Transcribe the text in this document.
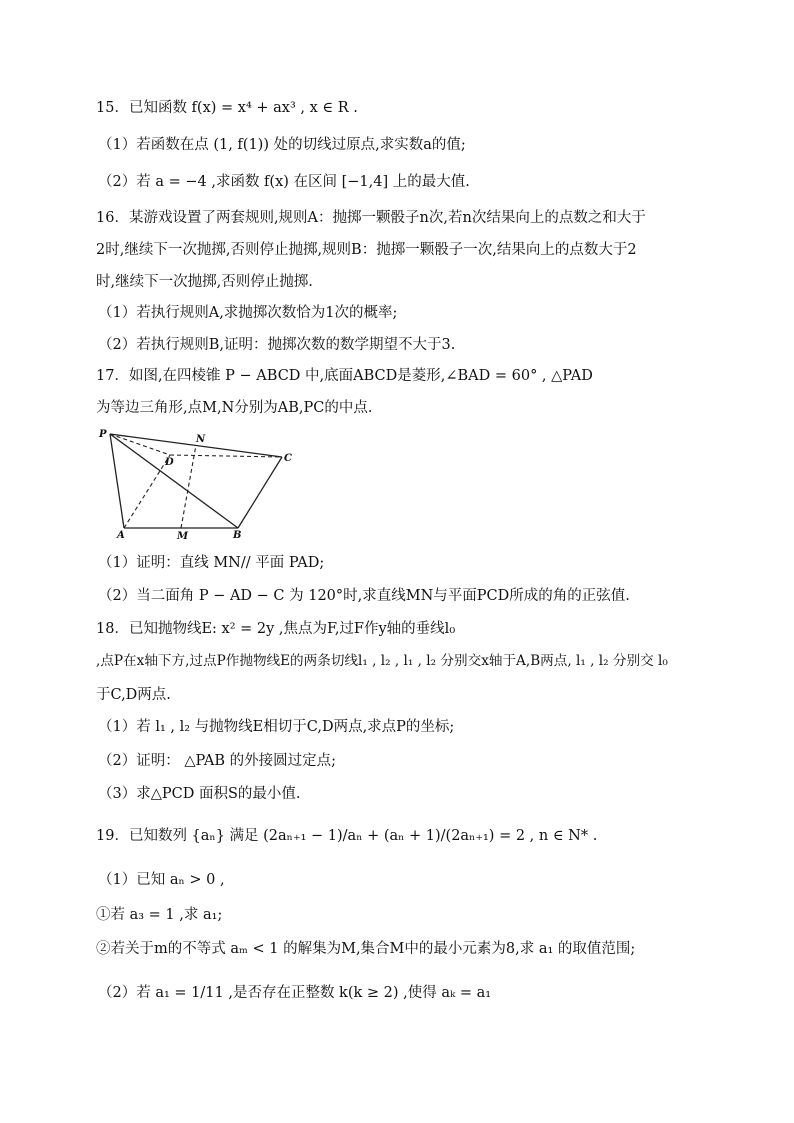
15．已知函数 f(x) = x⁴ + ax³ , x ∈ R .
（1）若函数在点 (1, f(1)) 处的切线过原点,求实数a的值;
（2）若 a = −4 ,求函数 f(x) 在区间 [−1,4] 上的最大值.
16．某游戏设置了两套规则,规则A：抛掷一颗骰子n次,若n次结果向上的点数之和大于
2时,继续下一次抛掷,否则停止抛掷,规则B：抛掷一颗骰子一次,结果向上的点数大于2
时,继续下一次抛掷,否则停止抛掷.
（1）若执行规则A,求抛掷次数恰为1次的概率;
（2）若执行规则B,证明：抛掷次数的数学期望不大于3.
17．如图,在四棱锥 P − ABCD 中,底面ABCD是菱形,∠BAD = 60° , △PAD
为等边三角形,点M,N分别为AB,PC的中点.
P	N
D	C
A	M	B
（1）证明：直线 MN// 平面 PAD;
（2）当二面角 P − AD − C 为 120°时,求直线MN与平面PCD所成的角的正弦值.
18．已知抛物线E: x² = 2y ,焦点为F,过F作y轴的垂线l₀
,点P在x轴下方,过点P作抛物线E的两条切线l₁ , l₂ , l₁ , l₂ 分别交x轴于A,B两点, l₁ , l₂ 分别交 l₀
于C,D两点.
（1）若 l₁ , l₂ 与抛物线E相切于C,D两点,求点P的坐标;
（2）证明： △PAB 的外接圆过定点;
（3）求△PCD 面积S的最小值.
19．已知数列 {aₙ} 满足 (2aₙ₊₁ − 1)/aₙ + (aₙ + 1)/(2aₙ₊₁) = 2 , n ∈ N* .
（1）已知 aₙ > 0 ,
①若 a₃ = 1 ,求 a₁;
②若关于m的不等式 aₘ < 1 的解集为M,集合M中的最小元素为8,求 a₁ 的取值范围;
（2）若 a₁ = 1/11 ,是否存在正整数 k(k ≥ 2) ,使得 aₖ = a₁
